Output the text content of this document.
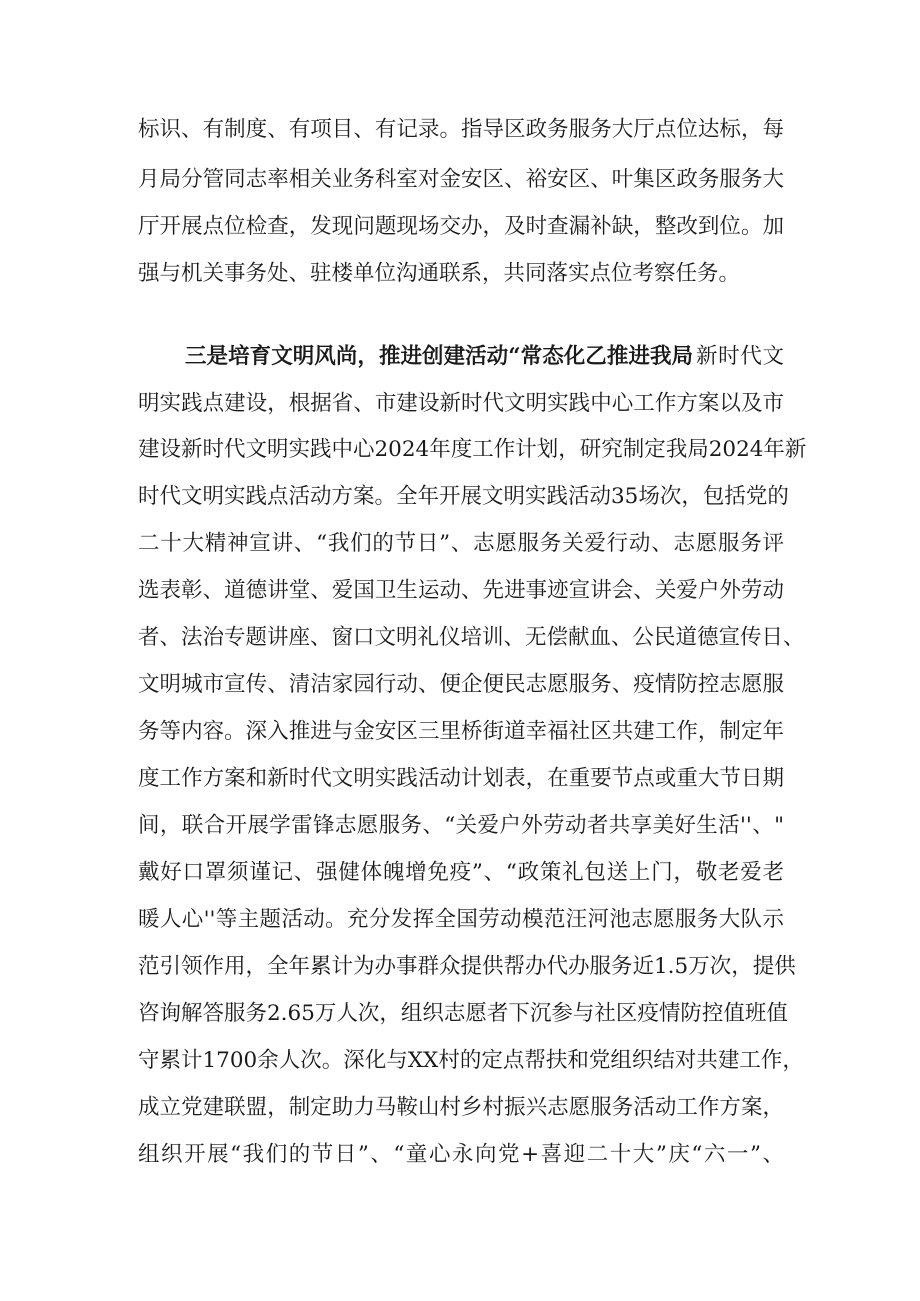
标识、有制度、有项目、有记录。指导区政务服务大厅点位达标，每
月局分管同志率相关业务科室对金安区、裕安区、叶集区政务服务大
厅开展点位检查，发现问题现场交办，及时查漏补缺，整改到位。加
强与机关事务处、驻楼单位沟通联系，共同落实点位考察任务。
三是培育文明风尚，推进创建活动“常态化乙推进我局 新时代文
明实践点建设，根据省、市建设新时代文明实践中心工作方案以及市
建设新时代文明实践中心2024年度工作计划，研究制定我局2024年新
时代文明实践点活动方案。全年开展文明实践活动35场次，包括党的
二十大精神宣讲、“我们的节日”、志愿服务关爱行动、志愿服务评
选表彰、道德讲堂、爱国卫生运动、先进事迹宣讲会、关爱户外劳动
者、法治专题讲座、窗口文明礼仪培训、无偿献血、公民道德宣传日、
文明城市宣传、清洁家园行动、便企便民志愿服务、疫情防控志愿服
务等内容。深入推进与金安区三里桥街道幸福社区共建工作，制定年
度工作方案和新时代文明实践活动计划表，在重要节点或重大节日期
间，联合开展学雷锋志愿服务、“关爱户外劳动者共享美好生活''、"
戴好口罩须谨记、强健体魄增免疫”、“政策礼包送上门，敬老爱老
暖人心''等主题活动。充分发挥全国劳动模范汪河池志愿服务大队示
范引领作用，全年累计为办事群众提供帮办代办服务近1.5万次，提供
咨询解答服务2.65万人次，组织志愿者下沉参与社区疫情防控值班值
守累计1700余人次。深化与XX村的定点帮扶和党组织结对共建工作，
成立党建联盟，制定助力马鞍山村乡村振兴志愿服务活动工作方案，
组织开展“我们的节日”、“童心永向党+喜迎二十大”庆“六一”、
